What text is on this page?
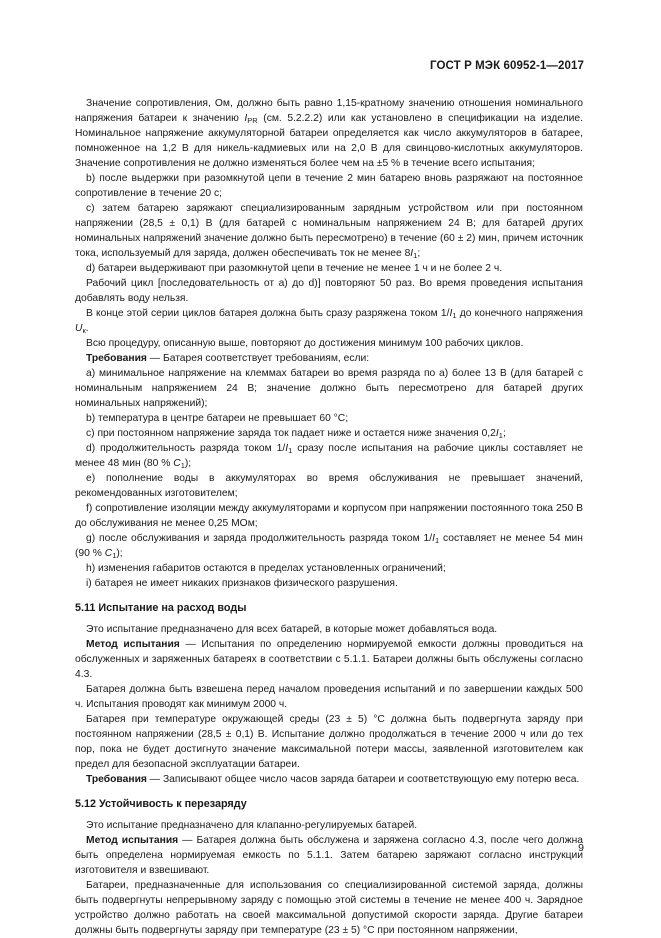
ГОСТ Р МЭК 60952-1—2017

Значение сопротивления, Ом, должно быть равно 1,15-кратному значению отношения номинального напряжения батареи к значению $I_{PR}$ (см. 5.2.2.2) или как установлено в спецификации на изделие. Номинальное напряжение аккумуляторной батареи определяется как число аккумуляторов в батарее, помноженное на 1,2 В для никель-кадмиевых или на 2,0 В для свинцово-кислотных аккумуляторов. Значение сопротивления не должно изменяться более чем на ±5 % в течение всего испытания;

b) после выдержки при разомкнутой цепи в течение 2 мин батарею вновь разряжают на постоянное сопротивление в течение 20 с;

c) затем батарею заряжают специализированным зарядным устройством или при постоянном напряжении (28,5 ± 0,1) В (для батарей с номинальным напряжением 24 В; для батарей других номинальных напряжений значение должно быть пересмотрено) в течение (60 ± 2) мин, причем источник тока, используемый для заряда, должен обеспечивать ток не менее $8I_1$;

d) батареи выдерживают при разомкнутой цепи в течение не менее 1 ч и не более 2 ч.

Рабочий цикл [последовательность от a) до d)] повторяют 50 раз. Во время проведения испытания добавлять воду нельзя.

В конце этой серии циклов батарея должна быть сразу разряжена током $1/I_1$ до конечного напряжения $U_к$.

Всю процедуру, описанную выше, повторяют до достижения минимум 100 рабочих циклов.

Требования — Батарея соответствует требованиям, если:

a) минимальное напряжение на клеммах батареи во время разряда по a) более 13 В (для батарей с номинальным напряжением 24 В; значение должно быть пересмотрено для батарей других номинальных напряжений);

b) температура в центре батареи не превышает 60 °С;

c) при постоянном напряжение заряда ток падает ниже и остается ниже значения $0,2I_1$;

d) продолжительность разряда током $1/I_1$ сразу после испытания на рабочие циклы составляет не менее 48 мин (80 % $С_1$);

e) пополнение воды в аккумуляторах во время обслуживания не превышает значений, рекомендованных изготовителем;

f) сопротивление изоляции между аккумуляторами и корпусом при напряжении постоянного тока 250 В до обслуживания не менее 0,25 МОм;

g) после обслуживания и заряда продолжительность разряда током $1/I_1$ составляет не менее 54 мин (90 % $С_1$);

h) изменения габаритов остаются в пределах установленных ограничений;

i) батарея не имеет никаких признаков физического разрушения.

5.11 Испытание на расход воды

Это испытание предназначено для всех батарей, в которые может добавляться вода.

Метод испытания — Испытания по определению нормируемой емкости должны проводиться на обслуженных и заряженных батареях в соответствии с 5.1.1. Батареи должны быть обслужены согласно 4.3.

Батарея должна быть взвешена перед началом проведения испытаний и по завершении каждых 500 ч. Испытания проводят как минимум 2000 ч.

Батарея при температуре окружающей среды (23 ± 5) °С должна быть подвергнута заряду при постоянном напряжении (28,5 ± 0,1) В. Испытание должно продолжаться в течение 2000 ч или до тех пор, пока не будет достигнуто значение максимальной потери массы, заявленной изготовителем как предел для безопасной эксплуатации батареи.

Требования — Записывают общее число часов заряда батареи и соответствующую ему потерю веса.

5.12 Устойчивость к перезаряду

Это испытание предназначено для клапанно-регулируемых батарей.

Метод испытания — Батарея должна быть обслужена и заряжена согласно 4.3, после чего должна быть определена нормируемая емкость по 5.1.1. Затем батарею заряжают согласно инструкции изготовителя и взвешивают.

Батареи, предназначенные для использования со специализированной системой заряда, должны быть подвергнуты непрерывному заряду с помощью этой системы в течение не менее 400 ч. Зарядное устройство должно работать на своей максимальной допустимой скорости заряда. Другие батареи должны быть подвергнуты заряду при температуре (23 ± 5) °С при постоянном напряжении,

9
